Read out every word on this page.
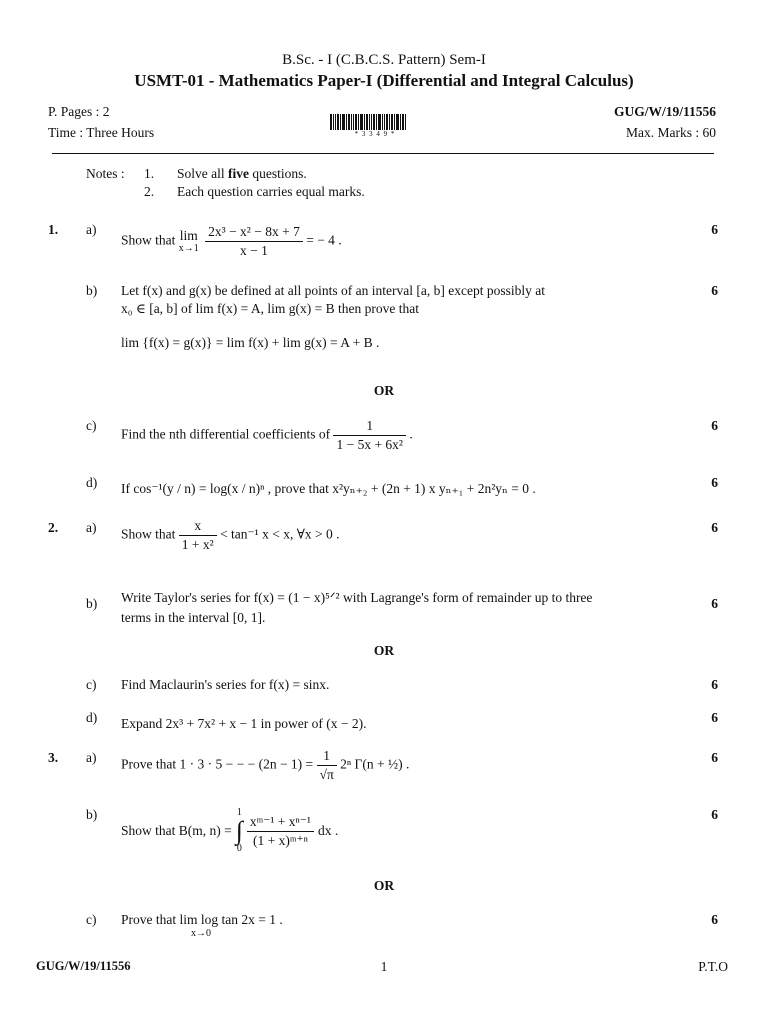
B.Sc. - I (C.B.C.S. Pattern) Sem-I
USMT-01 - Mathematics Paper-I (Differential and Integral Calculus)
P. Pages : 2	GUG/W/19/11556
Time : Three Hours	Max. Marks : 60
* 3 3 4 9 *
Notes : 1. Solve all five questions.
2. Each question carries equal marks.
1. a)
Show that lim
x→1
$\frac{\text{2x³ − x² − 8x + 7}}{x - 1}$ = − 4 .
6
b) Let f(x) and g(x) be defined at all points of an interval [a, b] except possibly at
x₀ ∈ [a, b] of lim f(x) = A, lim g(x) = B then prove that
lim {f(x) = g(x)} = lim f(x) + lim g(x) = A + B .
6
OR
c)
Find the nth differential coefficients of $\frac{1}{\text{1 − 5x + 6x²}}$ .
6
d) If cos⁻¹(y / n) = log(x / n)ⁿ , prove that x²yₙ₊₂ + (2n + 1) x yₙ₊₁ + 2n²yₙ = 0 .	6
2. a) Show that $\frac{x}{\text{1 + x²}} < \tan^{-1}$ x < x, ∀x > 0 .	6
b) Write Taylor's series for f(x) = (1 − x)⁵ᐟ² with Lagrange's form of remainder up to three
terms in the interval [0, 1].
6
OR
c) Find Maclaurin's series for f(x) = sinx.	6
d) Expand 2x³ + 7x² + x − 1 in power of (x − 2).	6
3. a) Prove that 1 · 3 · 5 − − − $(2n - 1) = \frac{1}{√\pi} 2^n$ Γ(n + ½) .	6
b)
Show that B(m, n) =
1
∫
$0 \frac{\text{xᵐ⁻¹ + xⁿ⁻¹}}{\text{(1 + x)ᵐ⁺ⁿ}}$ dx .
6
OR
c) Prove that lim log tan 2x = 1 .
x→0
6
GUG/W/19/11556	1	P.T.O
